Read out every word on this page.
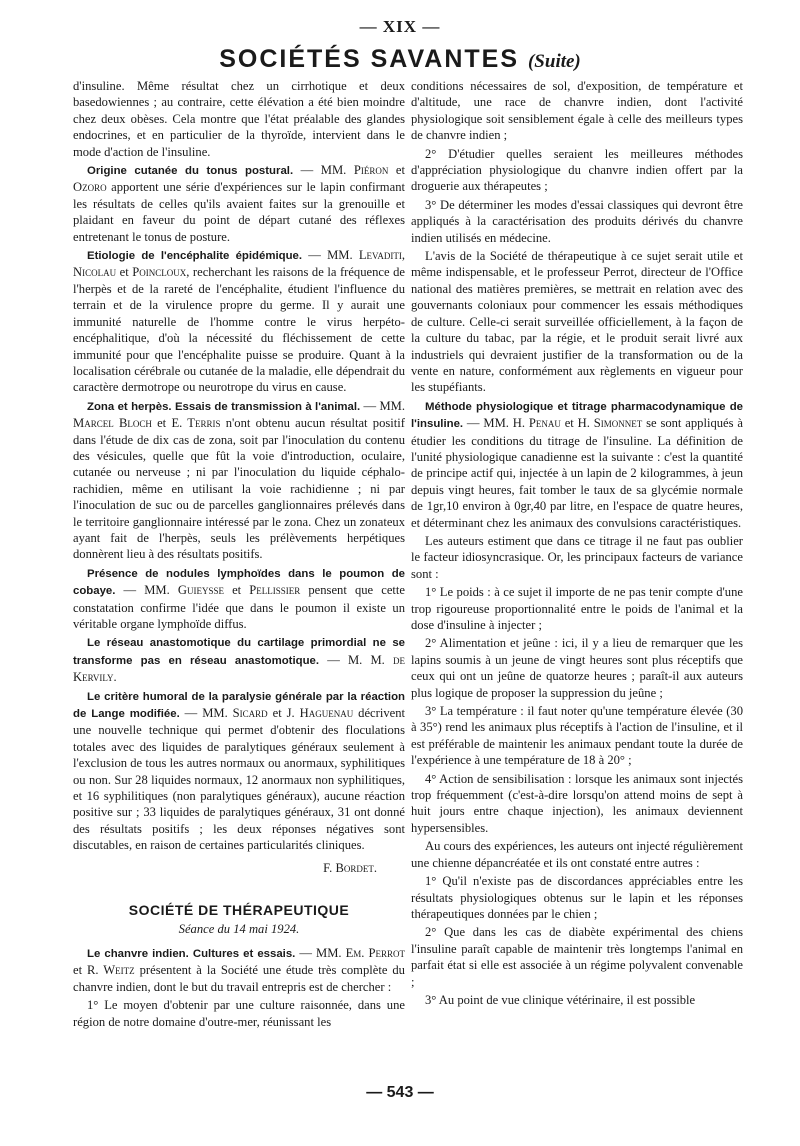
— XIX —
SOCIÉTÉS SAVANTES (Suite)

d'insuline. Même résultat chez un cirrhotique et deux basedowiennes ; au contraire, cette élévation a été bien moindre chez deux obèses. Cela montre que l'état préalable des glandes endocrines, et en particulier de la thyroïde, intervient dans le mode d'action de l'insuline.

Origine cutanée du tonus postural. — MM. Piéron et Ozoro apportent une série d'expériences sur le lapin confirmant les résultats de celles qu'ils avaient faites sur la grenouille et plaidant en faveur du point de départ cutané des réflexes entretenant le tonus de posture.

Etiologie de l'encéphalite épidémique. — MM. Levaditi, Nicolau et Poincloux, recherchant les raisons de la fréquence de l'herpès et de la rareté de l'encéphalite, étudient l'influence du terrain et de la virulence propre du germe. Il y aurait une immunité naturelle de l'homme contre le virus herpéto-encéphalitique, d'où la nécessité du fléchissement de cette immunité pour que l'encéphalite puisse se produire. Quant à la localisation cérébrale ou cutanée de la maladie, elle dépendrait du caractère dermotrope ou neurotrope du virus en cause.

Zona et herpès. Essais de transmission à l'animal. — MM. Marcel Bloch et E. Terris n'ont obtenu aucun résultat positif dans l'étude de dix cas de zona, soit par l'inoculation du contenu des vésicules, quelle que fût la voie d'introduction, oculaire, cutanée ou nerveuse ; ni par l'inoculation du liquide céphalo-rachidien, même en utilisant la voie rachidienne ; ni par l'inoculation de suc ou de parcelles ganglionnaires prélevés dans le territoire ganglionnaire intéressé par le zona. Chez un zonateux ayant fait de l'herpès, seuls les prélèvements herpétiques donnèrent lieu à des résultats positifs.

Présence de nodules lymphoïdes dans le poumon de cobaye. — MM. Guieysse et Pellissier pensent que cette constatation confirme l'idée que dans le poumon il existe un véritable organe lymphoïde diffus.

Le réseau anastomotique du cartilage primordial ne se transforme pas en réseau anastomotique. — M. M. de Kervily.

Le critère humoral de la paralysie générale par la réaction de Lange modifiée. — MM. Sicard et J. Haguenau décrivent une nouvelle technique qui permet d'obtenir des floculations totales avec des liquides de paralytiques généraux seulement à l'exclusion de tous les autres normaux ou anormaux, syphilitiques ou non. Sur 28 liquides normaux, 12 anormaux non syphilitiques, et 16 syphilitiques (non paralytiques généraux), aucune réaction positive sur ; 33 liquides de paralytiques généraux, 31 ont donné des résultats positifs ; les deux réponses négatives sont discutables, en raison de certaines particularités cliniques.

F. Bordet.
SOCIÉTÉ DE THÉRAPEUTIQUE
Séance du 14 mai 1924.

Le chanvre indien. Cultures et essais. — MM. Em. Perrot et R. Weitz présentent à la Société une étude très complète du chanvre indien, dont le but du travail entrepris est de chercher :

1° Le moyen d'obtenir par une culture raisonnée, dans une région de notre domaine d'outre-mer, réunissant les

conditions nécessaires de sol, d'exposition, de température et d'altitude, une race de chanvre indien, dont l'activité physiologique soit sensiblement égale à celle des meilleurs types de chanvre indien ;

2° D'étudier quelles seraient les meilleures méthodes d'appréciation physiologique du chanvre indien offert par la droguerie aux thérapeutes ;

3° De déterminer les modes d'essai classiques qui devront être appliqués à la caractérisation des produits dérivés du chanvre indien utilisés en médecine.

L'avis de la Société de thérapeutique à ce sujet serait utile et même indispensable, et le professeur Perrot, directeur de l'Office national des matières premières, se mettrait en relation avec des gouvernants coloniaux pour commencer les essais méthodiques de culture. Celle-ci serait surveillée officiellement, à la façon de la culture du tabac, par la régie, et le produit serait livré aux industriels qui devraient justifier de la transformation ou de la vente en nature, conformément aux règlements en vigueur pour les stupéfiants.

Méthode physiologique et titrage pharmacodynamique de l'insuline. — MM. H. Penau et H. Simonnet se sont appliqués à étudier les conditions du titrage de l'insuline. La définition de l'unité physiologique canadienne est la suivante : c'est la quantité de principe actif qui, injectée à un lapin de 2 kilogrammes, à jeun depuis vingt heures, fait tomber le taux de sa glycémie normale de 1gr,10 environ à 0gr,40 par litre, en l'espace de quatre heures, et déterminant chez les animaux des convulsions caractéristiques.

Les auteurs estiment que dans ce titrage il ne faut pas oublier le facteur idiosyncrasique. Or, les principaux facteurs de variance sont :

1° Le poids : à ce sujet il importe de ne pas tenir compte d'une trop rigoureuse proportionnalité entre le poids de l'animal et la dose d'insuline à injecter ;

2° Alimentation et jeûne : ici, il y a lieu de remarquer que les lapins soumis à un jeune de vingt heures sont plus réceptifs que ceux qui ont un jeûne de quatorze heures ; paraît-il aux auteurs plus logique de proposer la suppression du jeûne ;

3° La température : il faut noter qu'une température élevée (30 à 35°) rend les animaux plus réceptifs à l'action de l'insuline, et il est préférable de maintenir les animaux pendant toute la durée de l'expérience à une température de 18 à 20° ;

4° Action de sensibilisation : lorsque les animaux sont injectés trop fréquemment (c'est-à-dire lorsqu'on attend moins de sept à huit jours entre chaque injection), les animaux deviennent hypersensibles.

Au cours des expériences, les auteurs ont injecté régulièrement une chienne dépancréatée et ils ont constaté entre autres :

1° Qu'il n'existe pas de discordances appréciables entre les résultats physiologiques obtenus sur le lapin et les réponses thérapeutiques données par le chien ;

2° Que dans les cas de diabète expérimental des chiens l'insuline paraît capable de maintenir très longtemps l'animal en parfait état si elle est associée à un régime polyvalent convenable ;

3° Au point de vue clinique vétérinaire, il est possible

— 543 —
